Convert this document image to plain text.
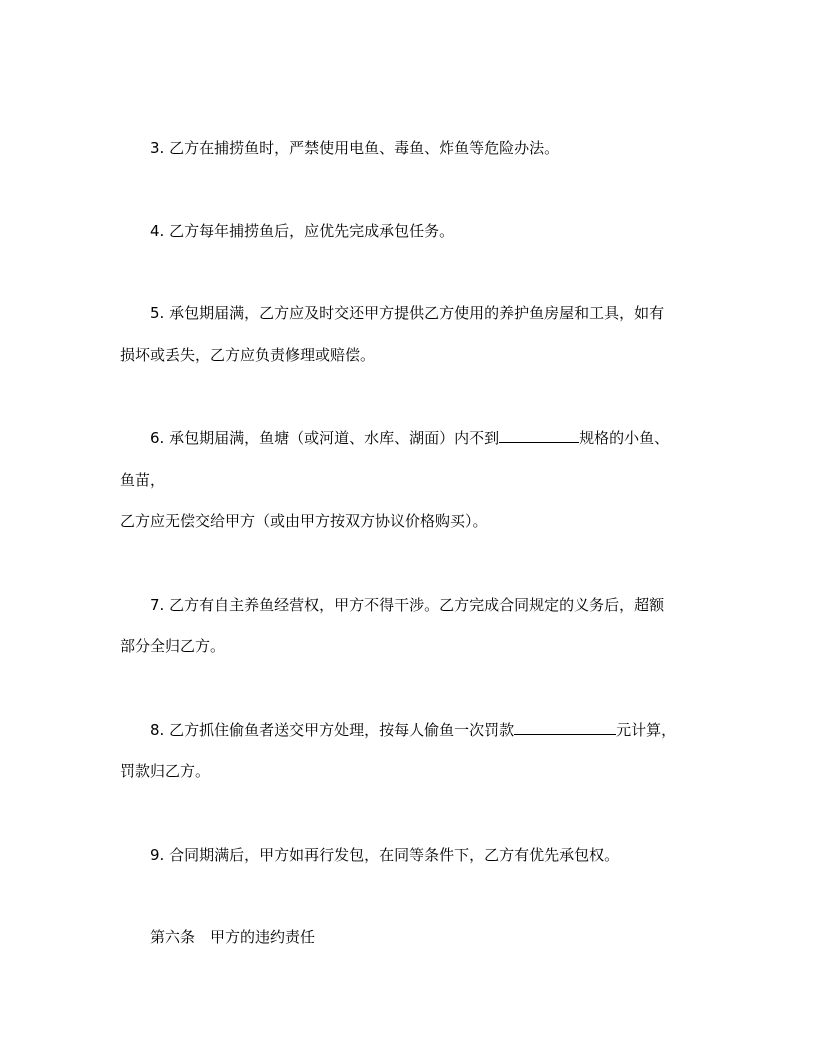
3. 乙方在捕捞鱼时，严禁使用电鱼、毒鱼、炸鱼等危险办法。
4. 乙方每年捕捞鱼后，应优先完成承包任务。
5. 承包期届满，乙方应及时交还甲方提供乙方使用的养护鱼房屋和工具，如有
损坏或丢失，乙方应负责修理或赔偿。
6. 承包期届满，鱼塘（或河道、水库、湖面）内不到	规格的小鱼、
鱼苗，
乙方应无偿交给甲方（或由甲方按双方协议价格购买）。
7. 乙方有自主养鱼经营权，甲方不得干涉。乙方完成合同规定的义务后，超额
部分全归乙方。
8. 乙方抓住偷鱼者送交甲方处理，按每人偷鱼一次罚款	元计算，
罚款归乙方。
9. 合同期满后，甲方如再行发包，在同等条件下，乙方有优先承包权。
第六条　甲方的违约责任
